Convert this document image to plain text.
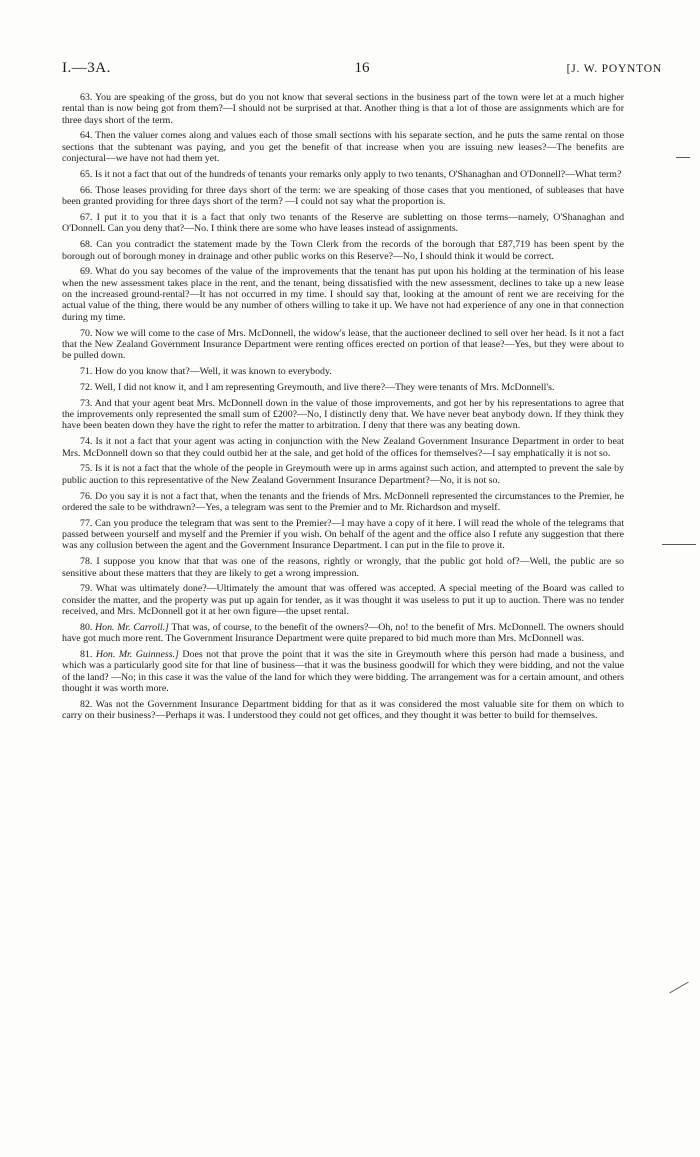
I.—3A.	16	[J. W. POYNTON

63. You are speaking of the gross, but do you not know that several sections in the business part of the town were let at a much higher rental than is now being got from them?—I should not be surprised at that. Another thing is that a lot of those are assignments which are for three days short of the term.

64. Then the valuer comes along and values each of those small sections with his separate section, and he puts the same rental on those sections that the subtenant was paying, and you get the benefit of that increase when you are issuing new leases?—The benefits are conjectural—we have not had them yet.

65. Is it not a fact that out of the hundreds of tenants your remarks only apply to two tenants, O'Shanaghan and O'Donnell?—What term?

66. Those leases providing for three days short of the term: we are speaking of those cases that you mentioned, of subleases that have been granted providing for three days short of the term? —I could not say what the proportion is.

67. I put it to you that it is a fact that only two tenants of the Reserve are subletting on those terms—namely, O'Shanaghan and O'Donnell. Can you deny that?—No. I think there are some who have leases instead of assignments.

68. Can you contradict the statement made by the Town Clerk from the records of the borough that £87,719 has been spent by the borough out of borough money in drainage and other public works on this Reserve?—No, I should think it would be correct.

69. What do you say becomes of the value of the improvements that the tenant has put upon his holding at the termination of his lease when the new assessment takes place in the rent, and the tenant, being dissatisfied with the new assessment, declines to take up a new lease on the increased ground-rental?—It has not occurred in my time. I should say that, looking at the amount of rent we are receiving for the actual value of the thing, there would be any number of others willing to take it up. We have not had experience of any one in that connection during my time.

70. Now we will come to the case of Mrs. McDonnell, the widow's lease, that the auctioneer declined to sell over her head. Is it not a fact that the New Zealand Government Insurance Department were renting offices erected on portion of that lease?—Yes, but they were about to be pulled down.

71. How do you know that?—Well, it was known to everybody.

72. Well, I did not know it, and I am representing Greymouth, and live there?—They were tenants of Mrs. McDonnell's.

73. And that your agent beat Mrs. McDonnell down in the value of those improvements, and got her by his representations to agree that the improvements only represented the small sum of £200?—No, I distinctly deny that. We have never beat anybody down. If they think they have been beaten down they have the right to refer the matter to arbitration. I deny that there was any beating down.

74. Is it not a fact that your agent was acting in conjunction with the New Zealand Government Insurance Department in order to beat Mrs. McDonnell down so that they could outbid her at the sale, and get hold of the offices for themselves?—I say emphatically it is not so.

75. Is it is not a fact that the whole of the people in Greymouth were up in arms against such action, and attempted to prevent the sale by public auction to this representative of the New Zealand Government Insurance Department?—No, it is not so.

76. Do you say it is not a fact that, when the tenants and the friends of Mrs. McDonnell represented the circumstances to the Premier, he ordered the sale to be withdrawn?—Yes, a telegram was sent to the Premier and to Mr. Richardson and myself.

77. Can you produce the telegram that was sent to the Premier?—I may have a copy of it here. I will read the whole of the telegrams that passed between yourself and myself and the Premier if you wish. On behalf of the agent and the office also I refute any suggestion that there was any collusion between the agent and the Government Insurance Department. I can put in the file to prove it.

78. I suppose you know that that was one of the reasons, rightly or wrongly, that the public got hold of?—Well, the public are so sensitive about these matters that they are likely to get a wrong impression.

79. What was ultimately done?—Ultimately the amount that was offered was accepted. A special meeting of the Board was called to consider the matter, and the property was put up again for tender, as it was thought it was useless to put it up to auction. There was no tender received, and Mrs. McDonnell got it at her own figure—the upset rental.

80. Hon. Mr. Carroll.] That was, of course, to the benefit of the owners?—Oh, no! to the benefit of Mrs. McDonnell. The owners should have got much more rent. The Government Insurance Department were quite prepared to bid much more than Mrs. McDonnell was.

81. Hon. Mr. Guinness.] Does not that prove the point that it was the site in Greymouth where this person had made a business, and which was a particularly good site for that line of business—that it was the business goodwill for which they were bidding, and not the value of the land? —No; in this case it was the value of the land for which they were bidding. The arrangement was for a certain amount, and others thought it was worth more.

82. Was not the Government Insurance Department bidding for that as it was considered the most valuable site for them on which to carry on their business?—Perhaps it was. I understood they could not get offices, and they thought it was better to build for themselves.
